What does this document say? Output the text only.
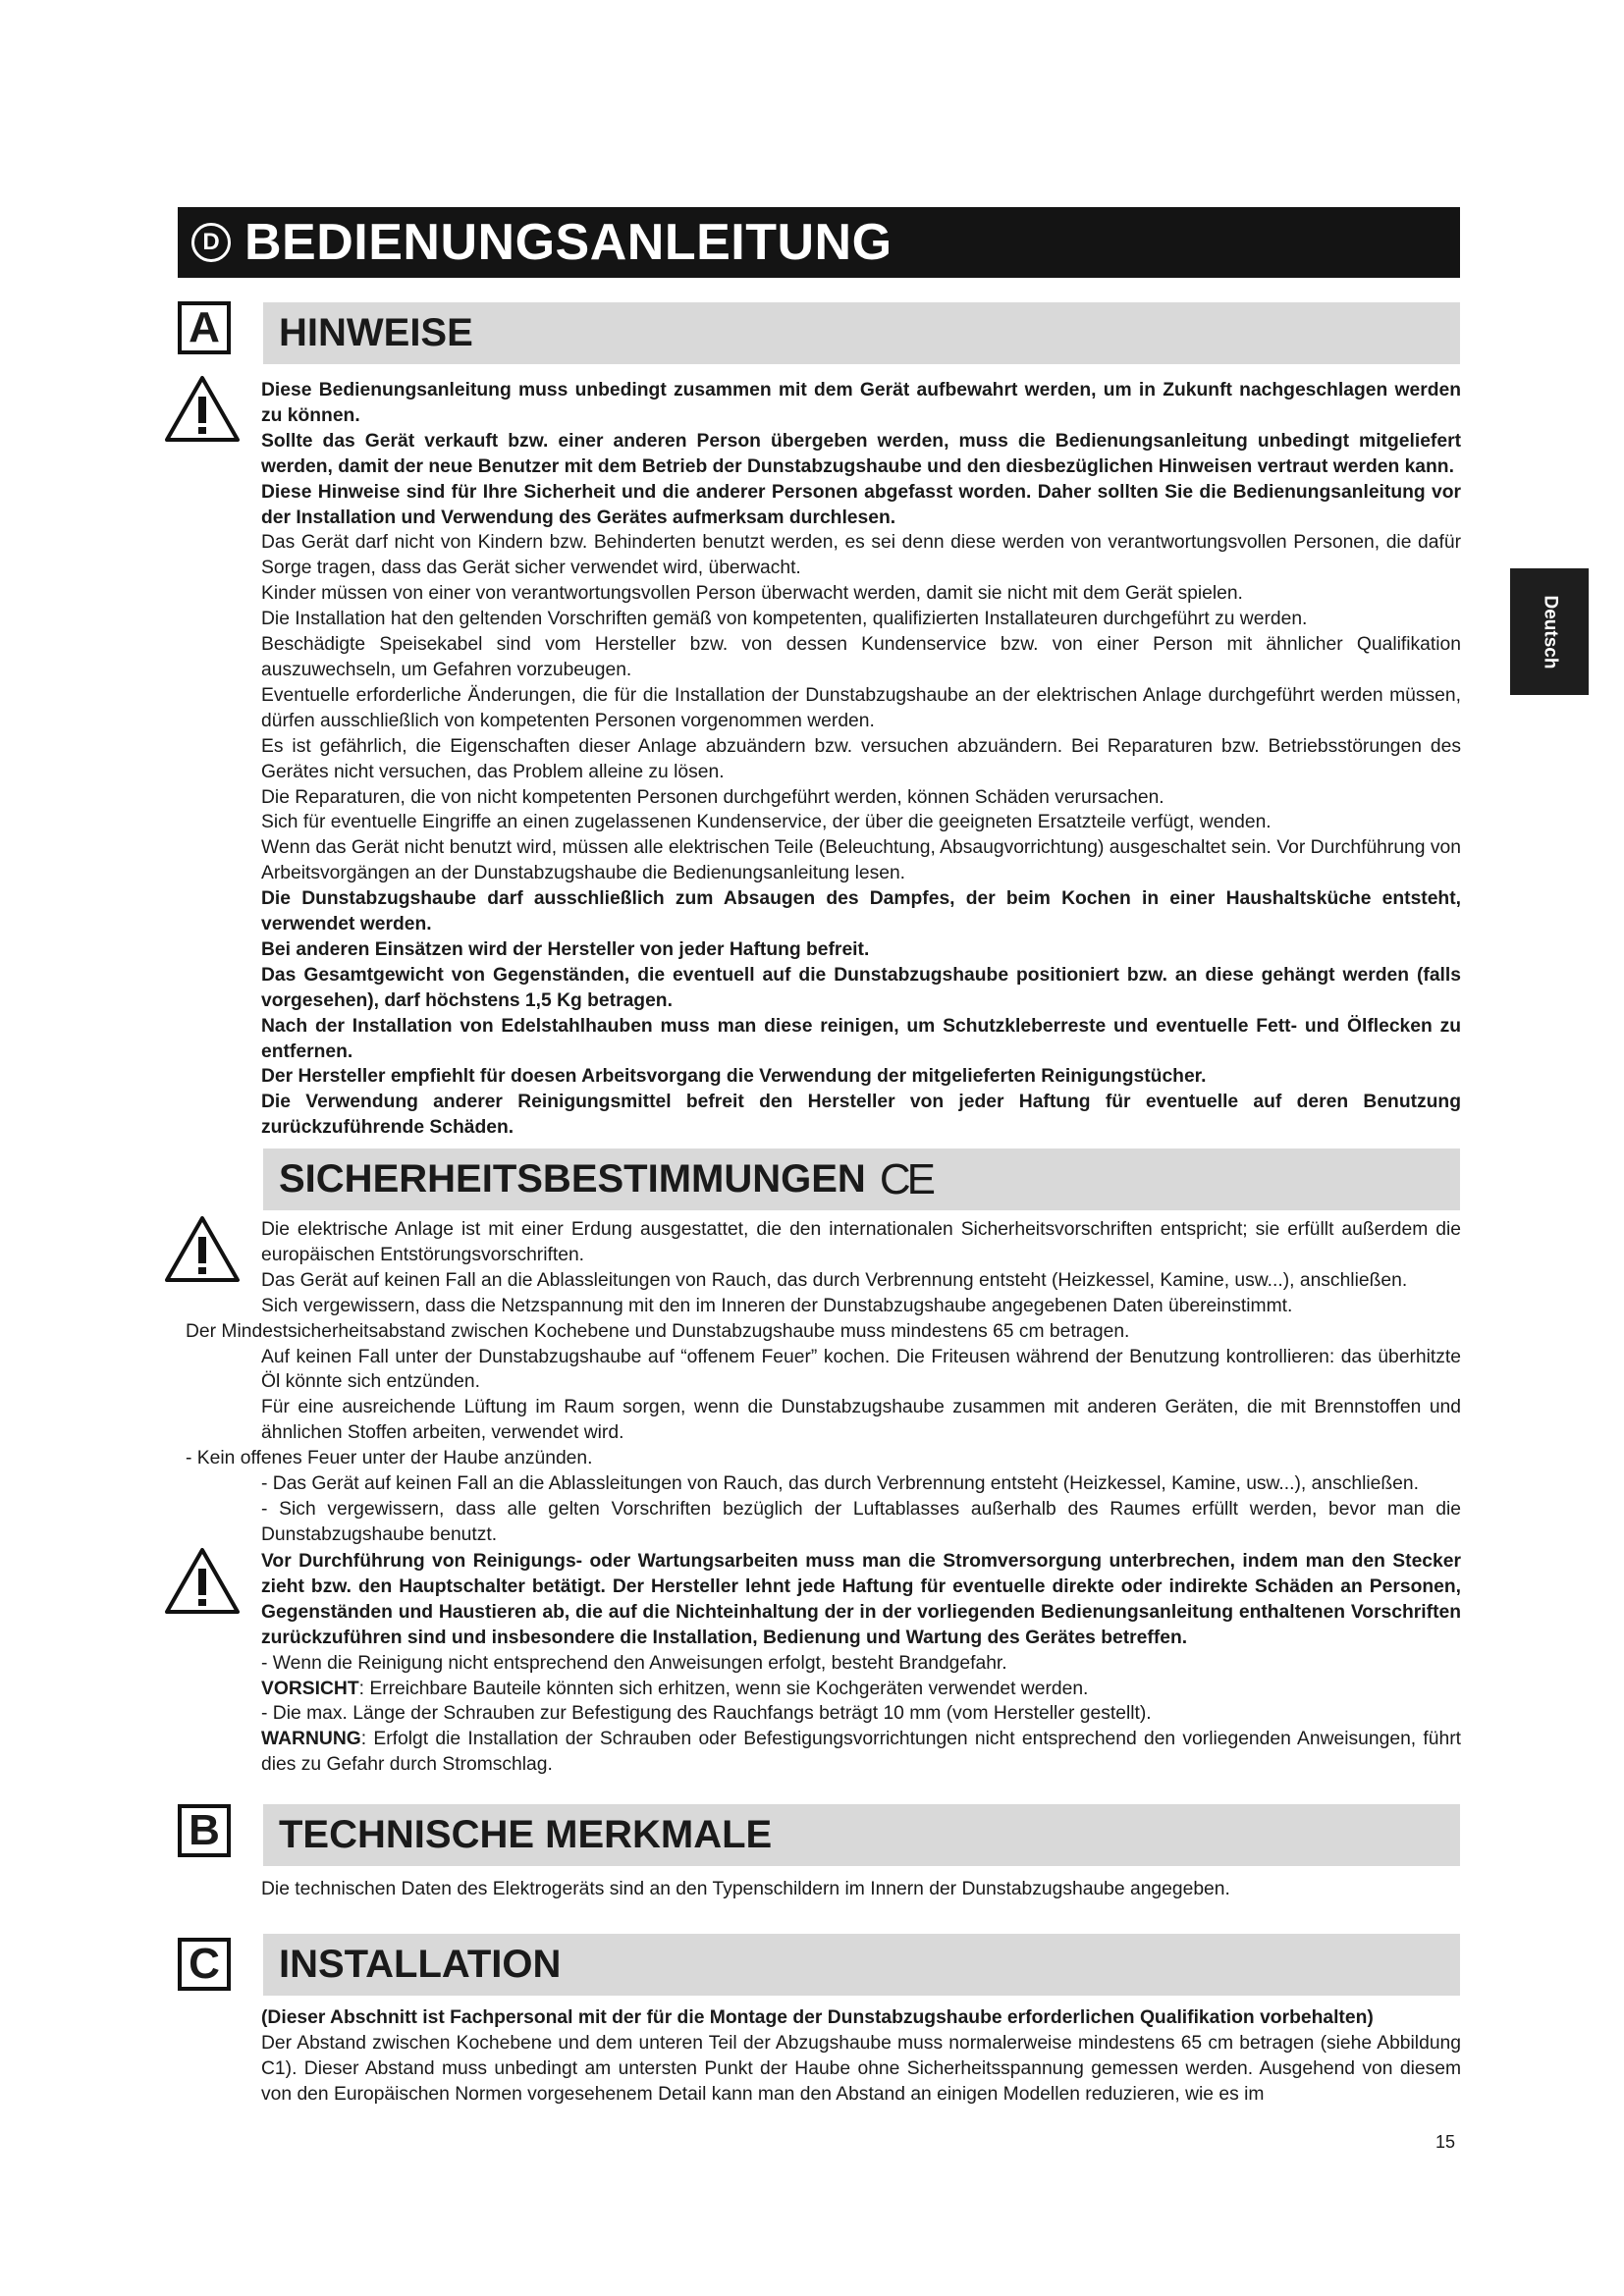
D BEDIENUNGSANLEITUNG
Deutsch
A	HINWEISE

Diese Bedienungsanleitung muss unbedingt zusammen mit dem Gerät aufbewahrt werden, um in Zukunft nachgeschlagen werden zu können.

Sollte das Gerät verkauft bzw. einer anderen Person übergeben werden, muss die Bedienungsanleitung unbedingt mitgeliefert werden, damit der neue Benutzer mit dem Betrieb der Dunstabzugshaube und den diesbezüglichen Hinweisen vertraut werden kann.

Diese Hinweise sind für Ihre Sicherheit und die anderer Personen abgefasst worden. Daher sollten Sie die Bedienungsanleitung vor der Installation und Verwendung des Gerätes aufmerksam durchlesen.

Das Gerät darf nicht von Kindern bzw. Behinderten benutzt werden, es sei denn diese werden von verantwortungsvollen Personen, die dafür Sorge tragen, dass das Gerät sicher verwendet wird, überwacht.

Kinder müssen von einer von verantwortungsvollen Person überwacht werden, damit sie nicht mit dem Gerät spielen.

Die Installation hat den geltenden Vorschriften gemäß von kompetenten, qualifizierten Installateuren durchgeführt zu werden.

Beschädigte Speisekabel sind vom Hersteller bzw. von dessen Kundenservice bzw. von einer Person mit ähnlicher Qualifikation auszuwechseln, um Gefahren vorzubeugen.

Eventuelle erforderliche Änderungen, die für die Installation der Dunstabzugshaube an der elektrischen Anlage durchgeführt werden müssen, dürfen ausschließlich von kompetenten Personen vorgenommen werden.

Es ist gefährlich, die Eigenschaften dieser Anlage abzuändern bzw. versuchen abzuändern. Bei Reparaturen bzw. Betriebsstörungen des Gerätes nicht versuchen, das Problem alleine zu lösen.

Die Reparaturen, die von nicht kompetenten Personen durchgeführt werden, können Schäden verursachen.

Sich für eventuelle Eingriffe an einen zugelassenen Kundenservice, der über die geeigneten Ersatzteile verfügt, wenden.

Wenn das Gerät nicht benutzt wird, müssen alle elektrischen Teile (Beleuchtung, Absaugvorrichtung) ausgeschaltet sein. Vor Durchführung von Arbeitsvorgängen an der Dunstabzugshaube die Bedienungsanleitung lesen.

Die Dunstabzugshaube darf ausschließlich zum Absaugen des Dampfes, der beim Kochen in einer Haushaltsküche entsteht, verwendet werden.

Bei anderen Einsätzen wird der Hersteller von jeder Haftung befreit.

Das Gesamtgewicht von Gegenständen, die eventuell auf die Dunstabzugshaube positioniert bzw. an diese gehängt werden (falls vorgesehen), darf höchstens 1,5 Kg betragen.

Nach der Installation von Edelstahlhauben muss man diese reinigen, um Schutzkleberreste und eventuelle Fett- und Ölflecken zu entfernen.

Der Hersteller empfiehlt für doesen Arbeitsvorgang die Verwendung der mitgelieferten Reinigungstücher.

Die Verwendung anderer Reinigungsmittel befreit den Hersteller von jeder Haftung für eventuelle auf deren Benutzung zurückzuführende Schäden.

SICHERHEITSBESTIMMUNGEN CE

Die elektrische Anlage ist mit einer Erdung ausgestattet, die den internationalen Sicherheitsvorschriften entspricht; sie erfüllt außerdem die europäischen Entstörungsvorschriften.

Das Gerät auf keinen Fall an die Ablassleitungen von Rauch, das durch Verbrennung entsteht (Heizkessel, Kamine, usw...), anschließen.

Sich vergewissern, dass die Netzspannung mit den im Inneren der Dunstabzugshaube angegebenen Daten übereinstimmt.

Der Mindestsicherheitsabstand zwischen Kochebene und Dunstabzugshaube muss mindestens 65 cm betragen.

Auf keinen Fall unter der Dunstabzugshaube auf “offenem Feuer” kochen. Die Friteusen während der Benutzung kontrollieren: das überhitzte Öl könnte sich entzünden.

Für eine ausreichende Lüftung im Raum sorgen, wenn die Dunstabzugshaube zusammen mit anderen Geräten, die mit Brennstoffen und ähnlichen Stoffen arbeiten, verwendet wird.

- Kein offenes Feuer unter der Haube anzünden.

- Das Gerät auf keinen Fall an die Ablassleitungen von Rauch, das durch Verbrennung entsteht (Heizkessel, Kamine, usw...), anschließen.

- Sich vergewissern, dass alle gelten Vorschriften bezüglich der Luftablasses außerhalb des Raumes erfüllt werden, bevor man die Dunstabzugshaube benutzt.

Vor Durchführung von Reinigungs- oder Wartungsarbeiten muss man die Stromversorgung unterbrechen, indem man den Stecker zieht bzw. den Hauptschalter betätigt. Der Hersteller lehnt jede Haftung für eventuelle direkte oder indirekte Schäden an Personen, Gegenständen und Haustieren ab, die auf die Nichteinhaltung der in der vorliegenden Bedienungsanleitung enthaltenen Vorschriften zurückzuführen sind und insbesondere die Installation, Bedienung und Wartung des Gerätes betreffen.

- Wenn die Reinigung nicht entsprechend den Anweisungen erfolgt, besteht Brandgefahr.

VORSICHT: Erreichbare Bauteile könnten sich erhitzen, wenn sie Kochgeräten verwendet werden.

- Die max. Länge der Schrauben zur Befestigung des Rauchfangs beträgt 10 mm (vom Hersteller gestellt).

WARNUNG: Erfolgt die Installation der Schrauben oder Befestigungsvorrichtungen nicht entsprechend den vorliegenden Anweisungen, führt dies zu Gefahr durch Stromschlag.

B	TECHNISCHE MERKMALE

Die technischen Daten des Elektrogeräts sind an den Typenschildern im Innern der Dunstabzugshaube angegeben.

C	INSTALLATION

(Dieser Abschnitt ist Fachpersonal mit der für die Montage der Dunstabzugshaube erforderlichen Qualifikation vorbehalten)

Der Abstand zwischen Kochebene und dem unteren Teil der Abzugshaube muss normalerweise mindestens 65 cm betragen (siehe Abbildung C1). Dieser Abstand muss unbedingt am untersten Punkt der Haube ohne Sicherheitsspannung gemessen werden. Ausgehend von diesem von den Europäischen Normen vorgesehenem Detail kann man den Abstand an einigen Modellen reduzieren, wie es im

15
